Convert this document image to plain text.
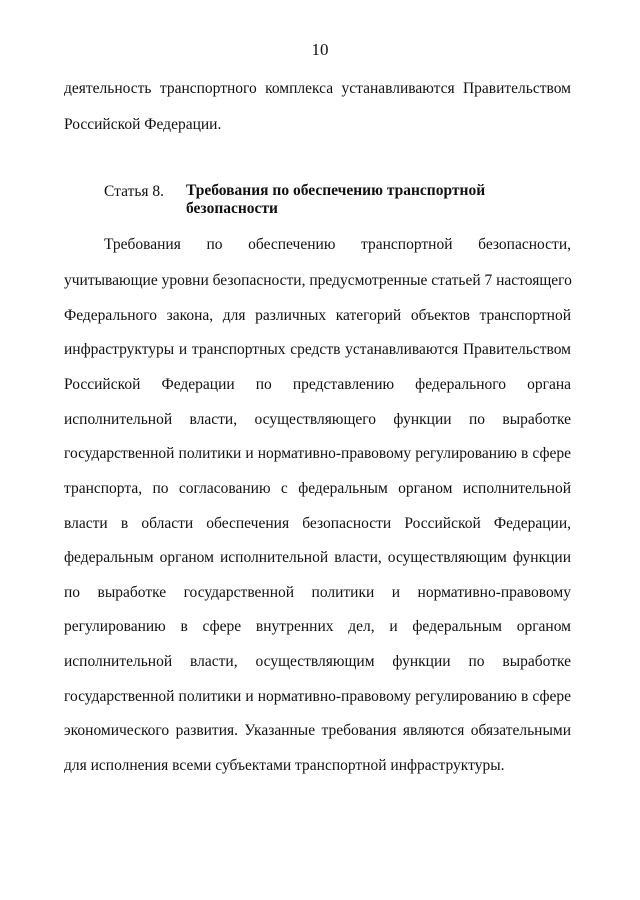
10
деятельность транспортного комплекса устанавливаются Правительством
Российской Федерации.
Статья 8. Требования по обеспечению транспортной
безопасности
Требования по обеспечению транспортной безопасности,
учитывающие уровни безопасности, предусмотренные статьей 7 настоящего
Федерального закона, для различных категорий объектов транспортной
инфраструктуры и транспортных средств устанавливаются Правительством
Российской Федерации по представлению федерального органа
исполнительной власти, осуществляющего функции по выработке
государственной политики и нормативно-правовому регулированию в сфере
транспорта, по согласованию с федеральным органом исполнительной
власти в области обеспечения безопасности Российской Федерации,
федеральным органом исполнительной власти, осуществляющим функции
по выработке государственной политики и нормативно-правовому
регулированию в сфере внутренних дел, и федеральным органом
исполнительной власти, осуществляющим функции по выработке
государственной политики и нормативно-правовому регулированию в сфере
экономического развития. Указанные требования являются обязательными
для исполнения всеми субъектами транспортной инфраструктуры.
